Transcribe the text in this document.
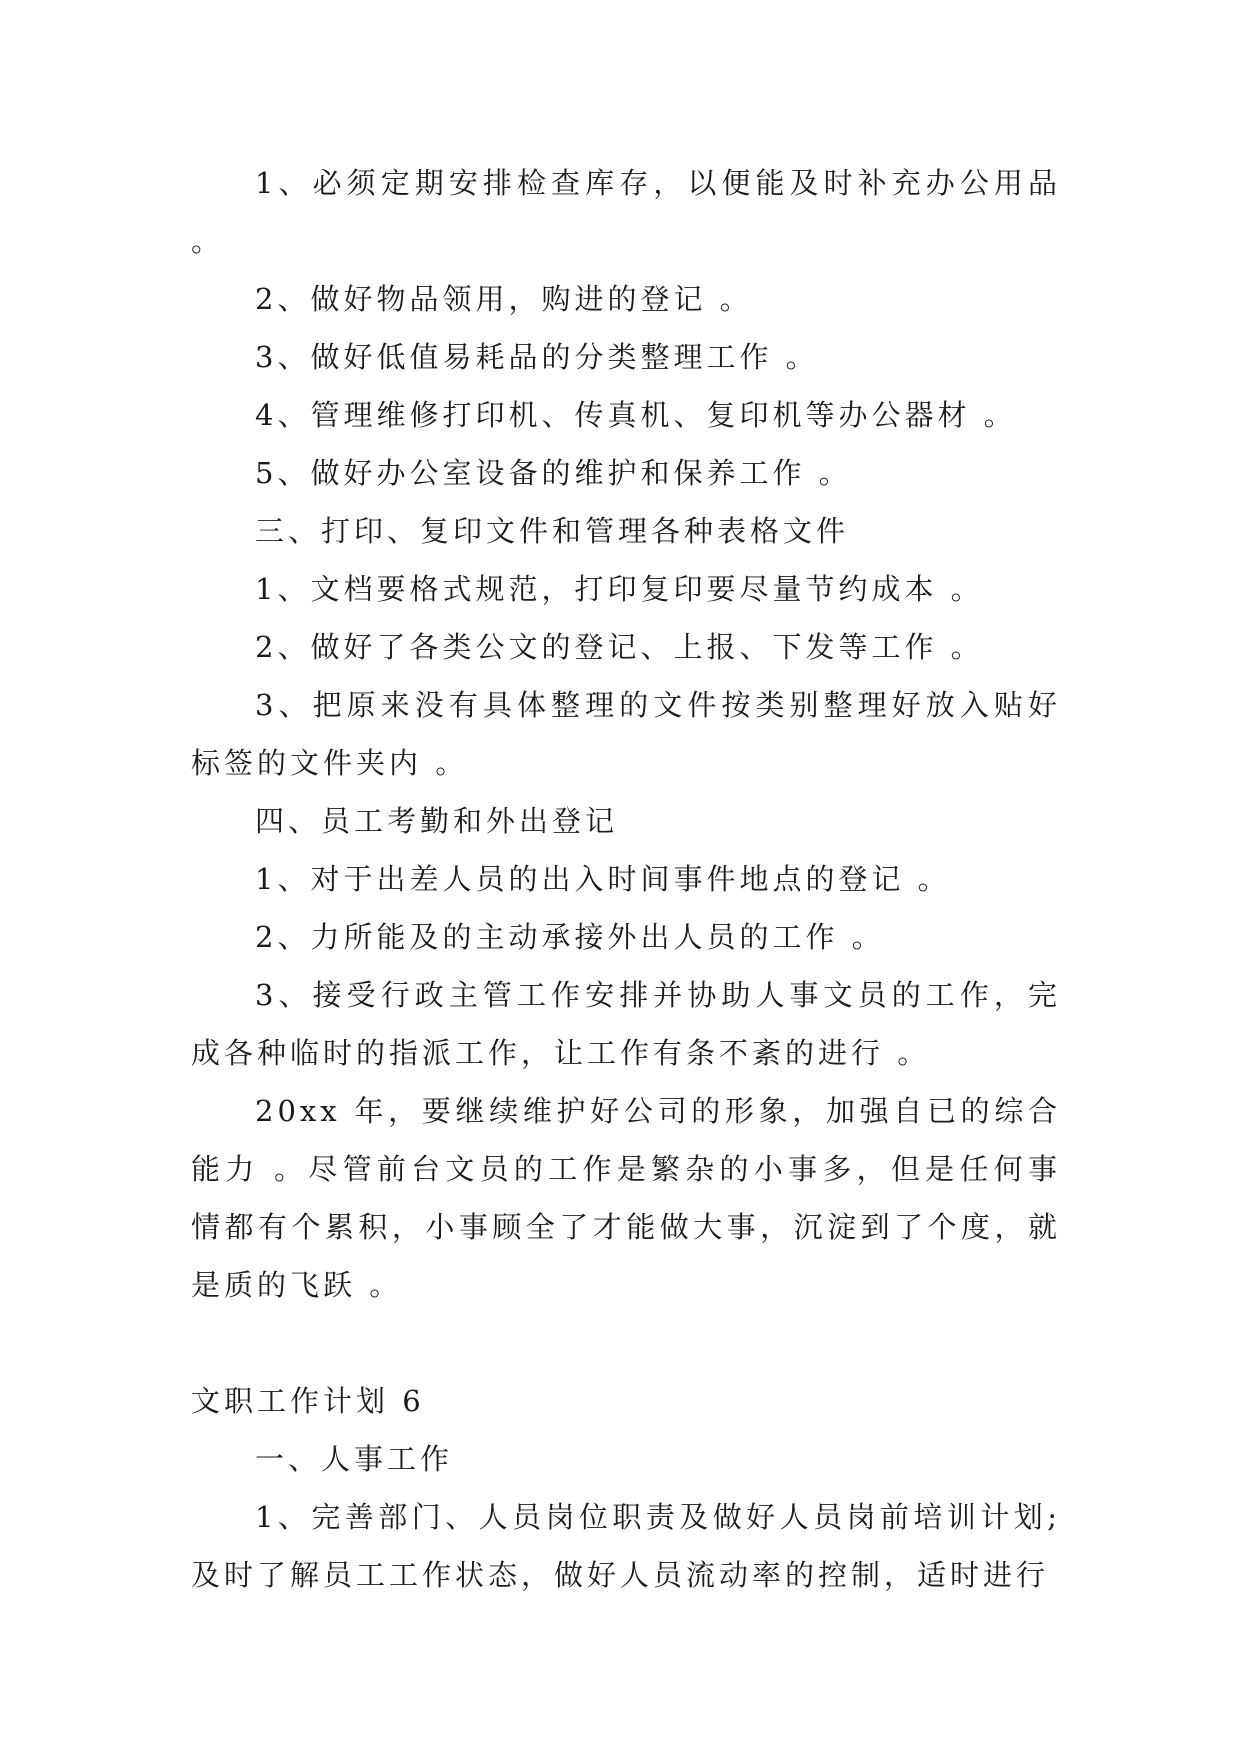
1、必须定期安排检查库存，以便能及时补充办公用品 。

2、做好物品领用，购进的登记 。

3、做好低值易耗品的分类整理工作 。

4、管理维修打印机、传真机、复印机等办公器材 。

5、做好办公室设备的维护和保养工作 。

三、打印、复印文件和管理各种表格文件

1、文档要格式规范，打印复印要尽量节约成本 。

2、做好了各类公文的登记、上报、下发等工作 。

3、把原来没有具体整理的文件按类别整理好放入贴好标签的文件夹内 。

四、员工考勤和外出登记

1、对于出差人员的出入时间事件地点的登记 。

2、力所能及的主动承接外出人员的工作 。

3、接受行政主管工作安排并协助人事文员的工作，完成各种临时的指派工作，让工作有条不紊的进行 。

20xx 年，要继续维护好公司的形象，加强自已的综合能力 。尽管前台文员的工作是繁杂的小事多，但是任何事情都有个累积，小事顾全了才能做大事，沉淀到了个度，就是质的飞跃 。

文职工作计划 6

一、人事工作

1、完善部门、人员岗位职责及做好人员岗前培训计划;及时了解员工工作状态，做好人员流动率的控制，适时进行
